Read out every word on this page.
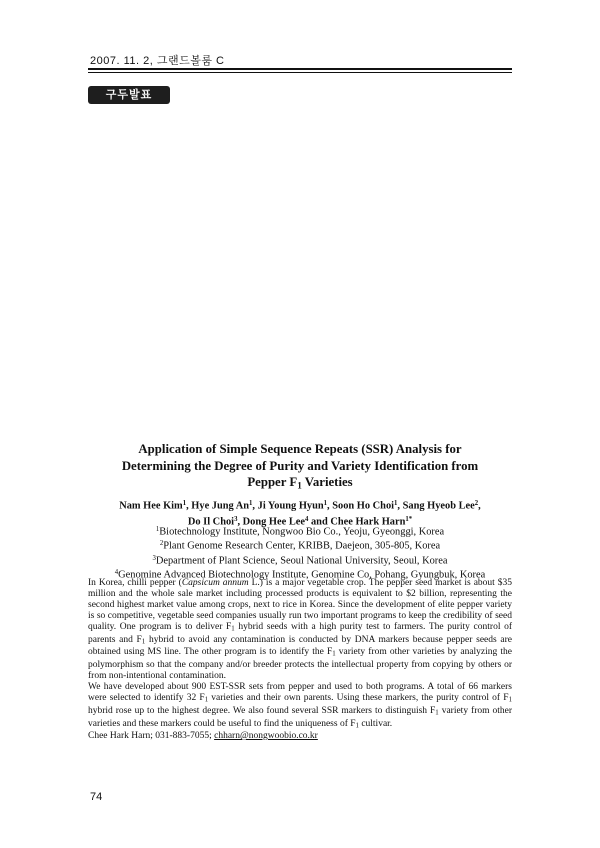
2007. 11. 2, 그랜드볼룸 C
구두발표
Application of Simple Sequence Repeats (SSR) Analysis for
Determining the Degree of Purity and Variety Identification from
Pepper $F_1$ Varieties
Nam Hee Kim$^1$, Hye Jung An$^1$, Ji Young Hyun$^1$, Soon Ho Choi$^1$, Sang Hyeob Lee$^2$,
Do Il Choi$^3$, Dong Hee Lee$^4$ and Chee Hark Harn$^{1*}$
$^1$Biotechnology Institute, Nongwoo Bio Co., Yeoju, Gyeonggi, Korea
$^2$Plant Genome Research Center, KRIBB, Daejeon, 305-805, Korea
$^3$Department of Plant Science, Seoul National University, Seoul, Korea
$^4$Genomine Advanced Biotechnology Institute, Genomine Co, Pohang, Gyungbuk, Korea

In Korea, chilli pepper (Capsicum annum L.) is a major vegetable crop. The pepper seed market is about $35 million and the whole sale market including processed products is equivalent to $2 billion, representing the second highest market value among crops, next to rice in Korea. Since the development of elite pepper variety is so competitive, vegetable seed companies usually run two important programs to keep the credibility of seed quality. One program is to deliver $F_1$ hybrid seeds with a high purity test to farmers. The purity control of parents and $F_1$ hybrid to avoid any contamination is conducted by DNA markers because pepper seeds are obtained using MS line. The other program is to identify the $F_1$ variety from other varieties by analyzing the polymorphism so that the company and/or breeder protects the intellectual property from copying by others or from non-intentional contamination.

We have developed about 900 EST-SSR sets from pepper and used to both programs. A total of 66 markers were selected to identify 32 $F_1$ varieties and their own parents. Using these markers, the purity control of $F_1$ hybrid rose up to the highest degree. We also found several SSR markers to distinguish $F_1$ variety from other varieties and these markers could be useful to find the uniqueness of $F_1$ cultivar.

Chee Hark Harn; 031-883-7055; chharn@nongwoobio.co.kr

74
